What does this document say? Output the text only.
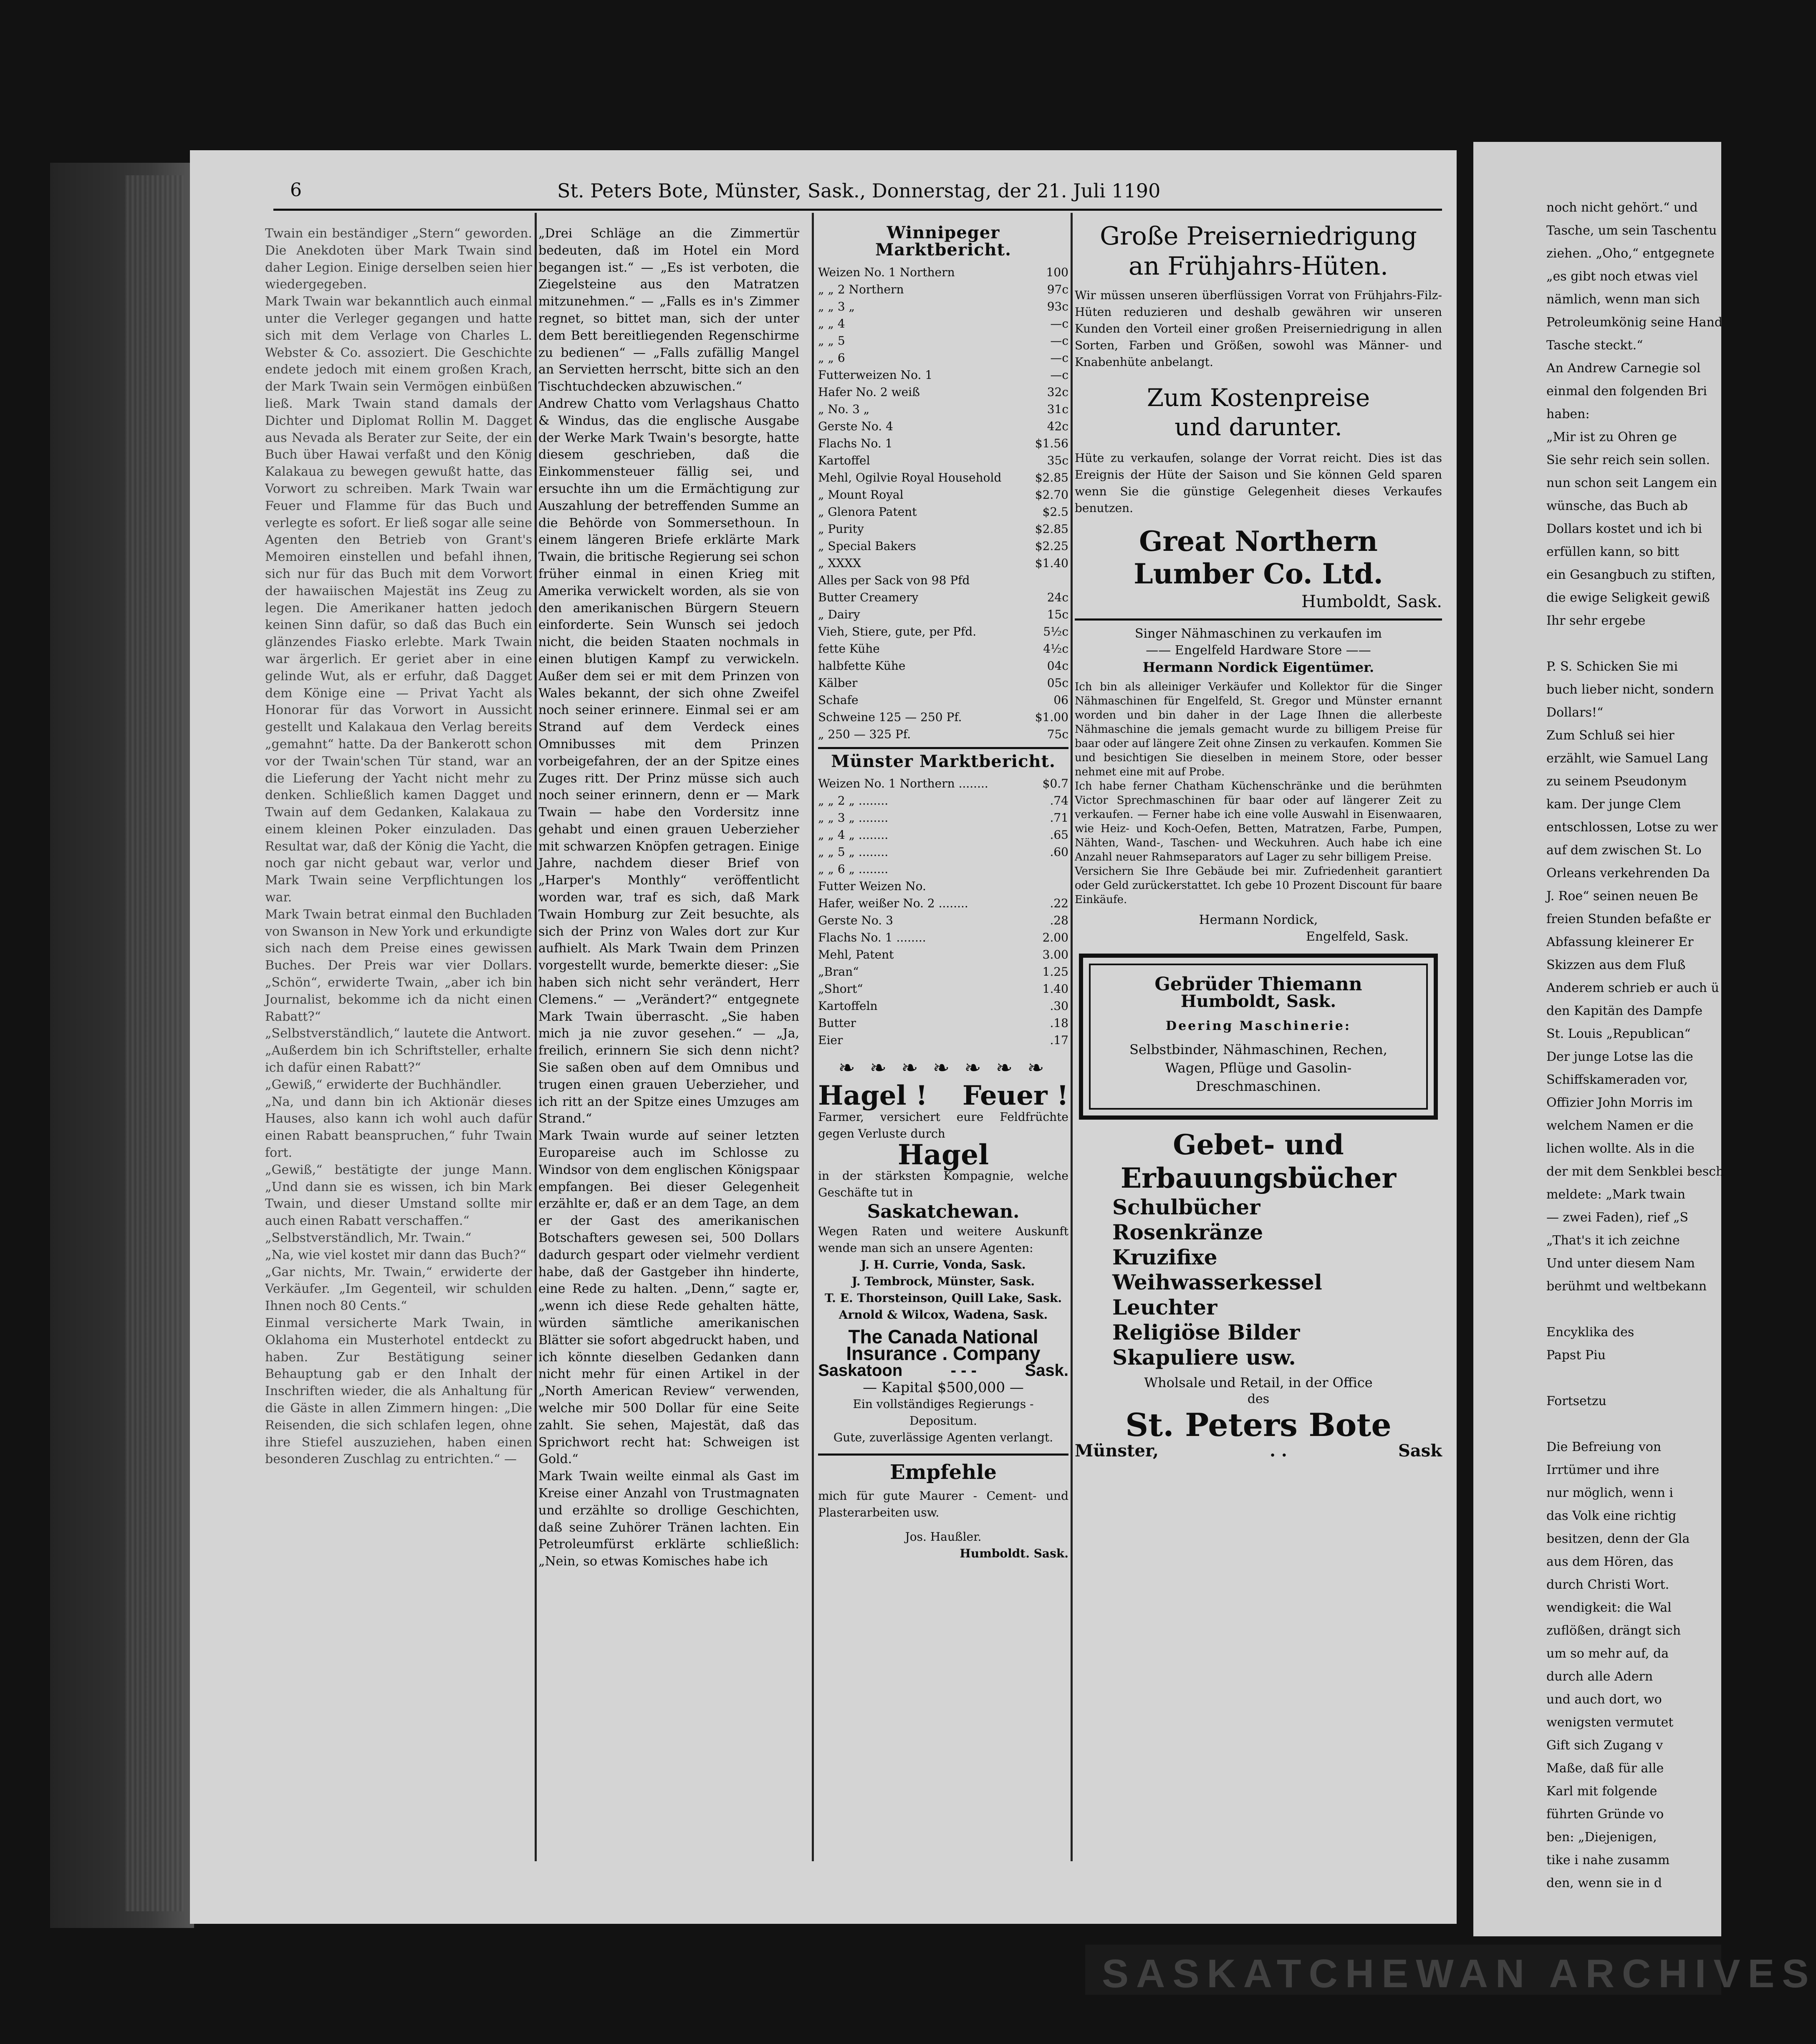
noch nicht gehört.“ und
Tasche, um sein Taschentu
ziehen. „Oho,“ entgegnete
„es gibt noch etwas viel
nämlich, wenn man sich
Petroleumkönig seine Hand
Tasche steckt.“
An Andrew Carnegie sol
einmal den folgenden Bri
haben:
„Mir ist zu Ohren ge
Sie sehr reich sein sollen.
nun schon seit Langem ein
wünsche, das Buch ab
Dollars kostet und ich bi
erfüllen kann, so bitt
ein Gesangbuch zu stiften,
die ewige Seligkeit gewiß
Ihr sehr ergebe
P. S. Schicken Sie mi
buch lieber nicht, sondern
Dollars!“
Zum Schluß sei hier
erzählt, wie Samuel Lang
zu seinem Pseudonym
kam. Der junge Clem
entschlossen, Lotse zu wer
auf dem zwischen St. Lo
Orleans verkehrenden Da
J. Roe“ seinen neuen Be
freien Stunden befaßte er
Abfassung kleinerer Er
Skizzen aus dem Fluß
Anderem schrieb er auch ü
den Kapitän des Dampfe
St. Louis „Republican“
Der junge Lotse las die
Schiffskameraden vor,
Offizier John Morris im
welchem Namen er die
lichen wollte. Als in die
der mit dem Senkblei besch
meldete: „Mark twain
— zwei Faden), rief „S
„That's it ich zeichne
Und unter diesem Nam
berühmt und weltbekann
Encyklika des
Papst Piu
Fortsetzu
Die Befreiung von
Irrtümer und ihre
nur möglich, wenn i
das Volk eine richtig
besitzen, denn der Gla
aus dem Hören, das
durch Christi Wort.
wendigkeit: die Wal
zuflößen, drängt sich
um so mehr auf, da
durch alle Adern
und auch dort, wo
wenigsten vermutet
Gift sich Zugang v
Maße, daß für alle
Karl mit folgende
führten Gründe vo
ben: „Diejenigen,
tike i nahe zusamm
den, wenn sie in d
SASKATCHEWAN ARCHIVES
6	St. Peters Bote, Münster, Sask., Donnerstag, der 21. Juli 1190

Twain ein beständiger „Stern“ geworden. Die Anekdoten über Mark Twain sind daher Legion. Einige derselben seien hier wiedergegeben.

Mark Twain war bekanntlich auch einmal unter die Verleger gegangen und hatte sich mit dem Verlage von Charles L. Webster & Co. assoziert. Die Geschichte endete jedoch mit einem großen Krach, der Mark Twain sein Vermögen einbüßen ließ. Mark Twain stand damals der Dichter und Diplomat Rollin M. Dagget aus Nevada als Berater zur Seite, der ein Buch über Hawai verfaßt und den König Kalakaua zu bewegen gewußt hatte, das Vorwort zu schreiben. Mark Twain war Feuer und Flamme für das Buch und verlegte es sofort. Er ließ sogar alle seine Agenten den Betrieb von Grant's Memoiren einstellen und befahl ihnen, sich nur für das Buch mit dem Vorwort der hawaiischen Majestät ins Zeug zu legen. Die Amerikaner hatten jedoch keinen Sinn dafür, so daß das Buch ein glänzendes Fiasko erlebte. Mark Twain war ärgerlich. Er geriet aber in eine gelinde Wut, als er erfuhr, daß Dagget dem Könige eine — Privat Yacht als Honorar für das Vorwort in Aussicht gestellt und Kalakaua den Verlag bereits „gemahnt“ hatte. Da der Bankerott schon vor der Twain'schen Tür stand, war an die Lieferung der Yacht nicht mehr zu denken. Schließlich kamen Dagget und Twain auf dem Gedanken, Kalakaua zu einem kleinen Poker einzuladen. Das Resultat war, daß der König die Yacht, die noch gar nicht gebaut war, verlor und Mark Twain seine Verpflichtungen los war.

Mark Twain betrat einmal den Buchladen von Swanson in New York und erkundigte sich nach dem Preise eines gewissen Buches. Der Preis war vier Dollars. „Schön“, erwiderte Twain, „aber ich bin Journalist, bekomme ich da nicht einen Rabatt?“

„Selbstverständlich,“ lautete die Antwort.

„Außerdem bin ich Schriftsteller, erhalte ich dafür einen Rabatt?“

„Gewiß,“ erwiderte der Buchhändler.

„Na, und dann bin ich Aktionär dieses Hauses, also kann ich wohl auch dafür einen Rabatt beanspruchen,“ fuhr Twain fort.

„Gewiß,“ bestätigte der junge Mann. „Und dann sie es wissen, ich bin Mark Twain, und dieser Umstand sollte mir auch einen Rabatt verschaffen.“

„Selbstverständlich, Mr. Twain.“

„Na, wie viel kostet mir dann das Buch?“

„Gar nichts, Mr. Twain,“ erwiderte der Verkäufer. „Im Gegenteil, wir schulden Ihnen noch 80 Cents.“

Einmal versicherte Mark Twain, in Oklahoma ein Musterhotel entdeckt zu haben. Zur Bestätigung seiner Behauptung gab er den Inhalt der Inschriften wieder, die als Anhaltung für die Gäste in allen Zimmern hingen: „Die Reisenden, die sich schlafen legen, ohne ihre Stiefel auszuziehen, haben einen besonderen Zuschlag zu entrichten.“ —

„Drei Schläge an die Zimmertür bedeuten, daß im Hotel ein Mord begangen ist.“ — „Es ist verboten, die Ziegelsteine aus den Matratzen mitzunehmen.“ — „Falls es in's Zimmer regnet, so bittet man, sich der unter dem Bett bereitliegenden Regenschirme zu bedienen“ — „Falls zufällig Mangel an Servietten herrscht, bitte sich an den Tischtuchdecken abzuwischen.“

Andrew Chatto vom Verlagshaus Chatto & Windus, das die englische Ausgabe der Werke Mark Twain's besorgte, hatte diesem geschrieben, daß die Einkommensteuer fällig sei, und ersuchte ihn um die Ermächtigung zur Auszahlung der betreffenden Summe an die Behörde von Sommersethoun. In einem längeren Briefe erklärte Mark Twain, die britische Regierung sei schon früher einmal in einen Krieg mit Amerika verwickelt worden, als sie von den amerikanischen Bürgern Steuern einforderte. Sein Wunsch sei jedoch nicht, die beiden Staaten nochmals in einen blutigen Kampf zu verwickeln. Außer dem sei er mit dem Prinzen von Wales bekannt, der sich ohne Zweifel noch seiner erinnere. Einmal sei er am Strand auf dem Verdeck eines Omnibusses mit dem Prinzen vorbeigefahren, der an der Spitze eines Zuges ritt. Der Prinz müsse sich auch noch seiner erinnern, denn er — Mark Twain — habe den Vordersitz inne gehabt und einen grauen Ueberzieher mit schwarzen Knöpfen getragen. Einige Jahre, nachdem dieser Brief von „Harper's Monthly“ veröffentlicht worden war, traf es sich, daß Mark Twain Homburg zur Zeit besuchte, als sich der Prinz von Wales dort zur Kur aufhielt. Als Mark Twain dem Prinzen vorgestellt wurde, bemerkte dieser: „Sie haben sich nicht sehr verändert, Herr Clemens.“ — „Verändert?“ entgegnete Mark Twain überrascht. „Sie haben mich ja nie zuvor gesehen.“ — „Ja, freilich, erinnern Sie sich denn nicht? Sie saßen oben auf dem Omnibus und trugen einen grauen Ueberzieher, und ich ritt an der Spitze eines Umzuges am Strand.“

Mark Twain wurde auf seiner letzten Europareise auch im Schlosse zu Windsor von dem englischen Königspaar empfangen. Bei dieser Gelegenheit erzählte er, daß er an dem Tage, an dem er der Gast des amerikanischen Botschafters gewesen sei, 500 Dollars dadurch gespart oder vielmehr verdient habe, daß der Gastgeber ihn hinderte, eine Rede zu halten. „Denn,“ sagte er, „wenn ich diese Rede gehalten hätte, würden sämtliche amerikanischen Blätter sie sofort abgedruckt haben, und ich könnte dieselben Gedanken dann nicht mehr für einen Artikel in der „North American Review“ verwenden, welche mir 500 Dollar für eine Seite zahlt. Sie sehen, Majestät, daß das Sprichwort recht hat: Schweigen ist Gold.“

Mark Twain weilte einmal als Gast im Kreise einer Anzahl von Trustmagnaten und erzählte so drollige Geschichten, daß seine Zuhörer Tränen lachten. Ein Petroleumfürst erklärte schließlich: „Nein, so etwas Komisches habe ich

Winnipeger Marktbericht.
Weizen No. 1 Northern	100
„ „ 2 Northern	97c
„ „ 3 „	93c
„ „ 4	—c
„ „ 5	—c
„ „ 6	—c
Futterweizen No. 1	—c
Hafer No. 2 weiß	32c
„ No. 3 „	31c
Gerste No. 4	42c
Flachs No. 1	$1.56
Kartoffel	35c
Mehl, Ogilvie Royal Household	$2.85
„ Mount Royal	$2.70
„ Glenora Patent	$2.5
„ Purity	$2.85
„ Special Bakers	$2.25
„ XXXX	$1.40
Alles per Sack von 98 Pfd
Butter Creamery	24c
„ Dairy	15c
Vieh, Stiere, gute, per Pfd.	5½c
fette Kühe	4½c
halbfette Kühe	04c
Kälber	05c
Schafe	06
Schweine 125 — 250 Pf.	$1.00
„ 250 — 325 Pf.	75c
Münster Marktbericht.
Weizen No. 1 Northern ........	$0.7
„ „ 2 „ ........	.74
„ „ 3 „ ........	.71
„ „ 4 „ ........	.65
„ „ 5 „ ........	.60
„ „ 6 „ ........
Futter Weizen No.
Hafer, weißer No. 2 ........	.22
Gerste No. 3	.28
Flachs No. 1 ........	2.00
Mehl, Patent	3.00
„Bran“	1.25
„Short“	1.40
Kartoffeln	.30
Butter	.18
Eier	.17
❧ ❧ ❧ ❧ ❧ ❧ ❧
Hagel ! Feuer !

Farmer, versichert eure Feldfrüchte gegen Verluste durch

Hagel

in der stärksten Kompagnie, welche Geschäfte tut in

Saskatchewan.

Wegen Raten und weitere Auskunft wende man sich an unsere Agenten:

J. H. Currie, Vonda, Sask.

J. Tembrock, Münster, Sask.

T. E. Thorsteinson, Quill Lake, Sask.

Arnold & Wilcox, Wadena, Sask.

The Canada National
Insurance . Company
Saskatoon	- - -	Sask.

— Kapital $500,000 —

Ein vollständiges Regierungs - Depositum.

Gute, zuverlässige Agenten verlangt.

Empfehle

mich für gute Maurer - Cement- und Plasterarbeiten usw.

Jos. Haußler.

Humboldt. Sask.

Große Preiserniedrigung
an Frühjahrs-Hüten.

Wir müssen unseren überflüssigen Vorrat von Frühjahrs-Filz-Hüten reduzieren und deshalb gewähren wir unseren Kunden den Vorteil einer großen Preiserniedrigung in allen Sorten, Farben und Größen, sowohl was Männer- und Knabenhüte anbelangt.

Zum Kostenpreise
und darunter.

Hüte zu verkaufen, solange der Vorrat reicht. Dies ist das Ereignis der Hüte der Saison und Sie können Geld sparen wenn Sie die günstige Gelegenheit dieses Verkaufes benutzen.

Great Northern
Lumber Co. Ltd.

Humboldt, Sask.

Singer Nähmaschinen zu verkaufen im

—— Engelfeld Hardware Store ——

Hermann Nordick Eigentümer.

Ich bin als alleiniger Verkäufer und Kollektor für die Singer Nähmaschinen für Engelfeld, St. Gregor und Münster ernannt worden und bin daher in der Lage Ihnen die allerbeste Nähmaschine die jemals gemacht wurde zu billigem Preise für baar oder auf längere Zeit ohne Zinsen zu verkaufen. Kommen Sie und besichtigen Sie dieselben in meinem Store, oder besser nehmet eine mit auf Probe.

Ich habe ferner Chatham Küchenschränke und die berühmten Victor Sprechmaschinen für baar oder auf längerer Zeit zu verkaufen. — Ferner habe ich eine volle Auswahl in Eisenwaaren, wie Heiz- und Koch-Oefen, Betten, Matratzen, Farbe, Pumpen, Nähten, Wand-, Taschen- und Weckuhren. Auch habe ich eine Anzahl neuer Rahmseparators auf Lager zu sehr billigem Preise.

Versichern Sie Ihre Gebäude bei mir. Zufriedenheit garantiert oder Geld zurückerstattet. Ich gebe 10 Prozent Discount für baare Einkäufe.

Hermann Nordick,

Engelfeld, Sask.

Gebrüder Thiemann
Humboldt, Sask.
Deering Maschinerie:

Selbstbinder, Nähmaschinen, Rechen, Wagen, Pflüge und Gasolin-Dreschmaschinen.

Gebet- und
Erbauungsbücher
Schulbücher
Rosenkränze
Kruzifixe
Weihwasserkessel
Leuchter
Religiöse Bilder
Skapuliere usw.

Wholsale und Retail, in der Office

des

St. Peters Bote
Münster,	. .	Sask
